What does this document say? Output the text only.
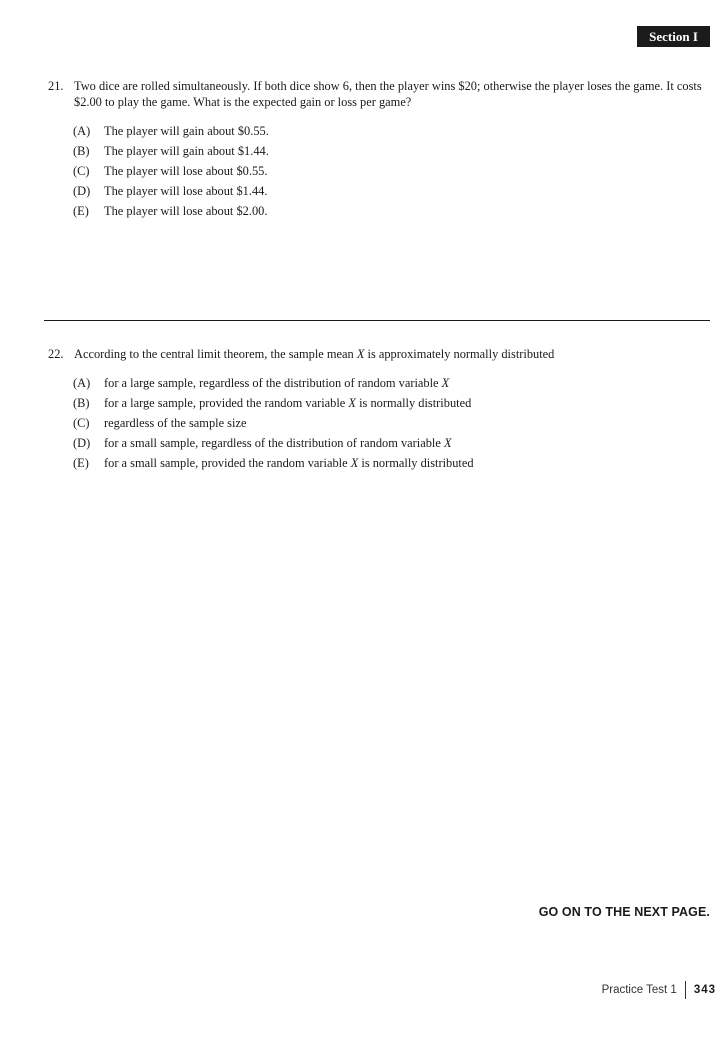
Section I
21. Two dice are rolled simultaneously. If both dice show 6, then the player wins $20; otherwise the player loses the game. It costs $2.00 to play the game. What is the expected gain or loss per game?
(A)	The player will gain about $0.55.
(B)	The player will gain about $1.44.
(C)	The player will lose about $0.55.
(D)	The player will lose about $1.44.
(E)	The player will lose about $2.00.
22. According to the central limit theorem, the sample mean X is approximately normally distributed
(A)	for a large sample, regardless of the distribution of random variable X
(B)	for a large sample, provided the random variable X is normally distributed
(C)	regardless of the sample size
(D)	for a small sample, regardless of the distribution of random variable X
(E)	for a small sample, provided the random variable X is normally distributed
GO ON TO THE NEXT PAGE.
Practice Test 1	343
